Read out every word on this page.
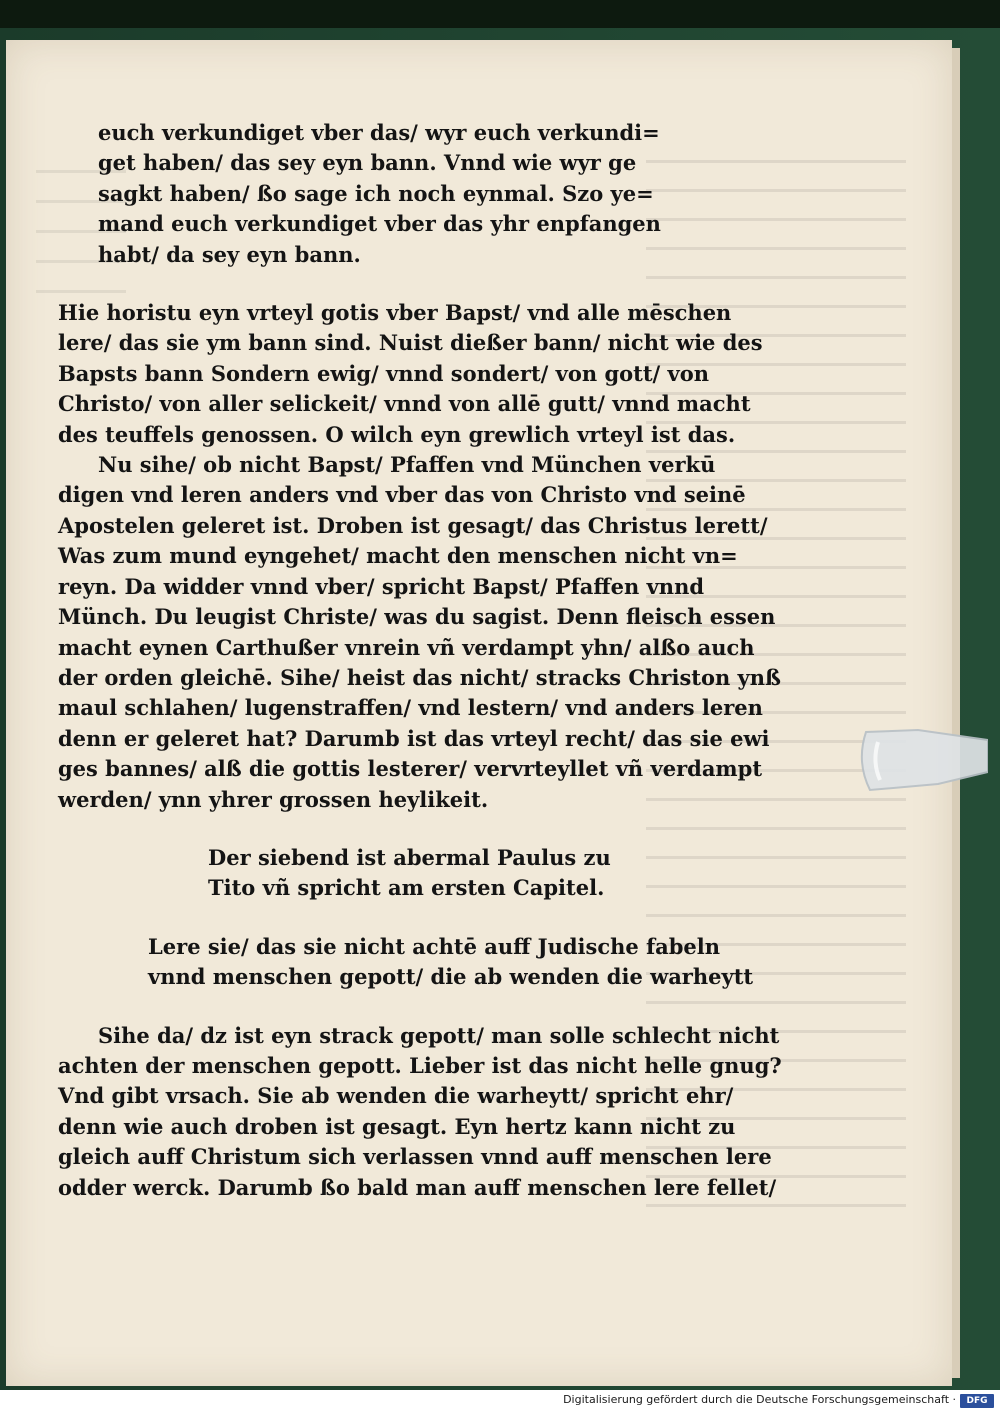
euch verkundiget vber das/ wyr euch verkundi=
get haben/ das sey eyn bann. Vnnd wie wyr ge
sagkt haben/ ßo sage ich noch eynmal. Szo ye=
mand euch verkundiget vber das yhr enpfangen
habt/ da sey eyn bann.
Hie horistu eyn vrteyl gotis vber Bapst/ vnd alle mēschen
lere/ das sie ym bann sind. Nuist dießer bann/ nicht wie des
Bapsts bann Sondern ewig/ vnnd sondert/ von gott/ von
Christo/ von aller selickeit/ vnnd von allē gutt/ vnnd macht
des teuffels genossen. O wilch eyn grewlich vrteyl ist das.
Nu sihe/ ob nicht Bapst/ Pfaffen vnd München verkū
digen vnd leren anders vnd vber das von Christo vnd seinē
Apostelen geleret ist. Droben ist gesagt/ das Christus lerett/
Was zum mund eyngehet/ macht den menschen nicht vn=
reyn. Da widder vnnd vber/ spricht Bapst/ Pfaffen vnnd
Münch. Du leugist Christe/ was du sagist. Denn fleisch essen
macht eynen Carthußer vnrein vñ verdampt yhn/ alßo auch
der orden gleichē. Sihe/ heist das nicht/ stracks Christon ynß
maul schlahen/ lugenstraffen/ vnd lestern/ vnd anders leren
denn er geleret hat? Darumb ist das vrteyl recht/ das sie ewi
ges bannes/ alß die gottis lesterer/ vervrteyllet vñ verdampt
werden/ ynn yhrer grossen heylikeit.
Der siebend ist abermal Paulus zu
Tito vñ spricht am ersten Capitel.
Lere sie/ das sie nicht achtē auff Judische fabeln
vnnd menschen gepott/ die ab wenden die warheytt
Sihe da/ dz ist eyn strack gepott/ man solle schlecht nicht
achten der menschen gepott. Lieber ist das nicht helle gnug?
Vnd gibt vrsach. Sie ab wenden die warheytt/ spricht ehr/
denn wie auch droben ist gesagt. Eyn hertz kann nicht zu
gleich auff Christum sich verlassen vnnd auff menschen lere
odder werck. Darumb ßo bald man auff menschen lere fellet/
Digitalisierung gefördert durch die Deutsche Forschungsgemeinschaft ·	DFG
